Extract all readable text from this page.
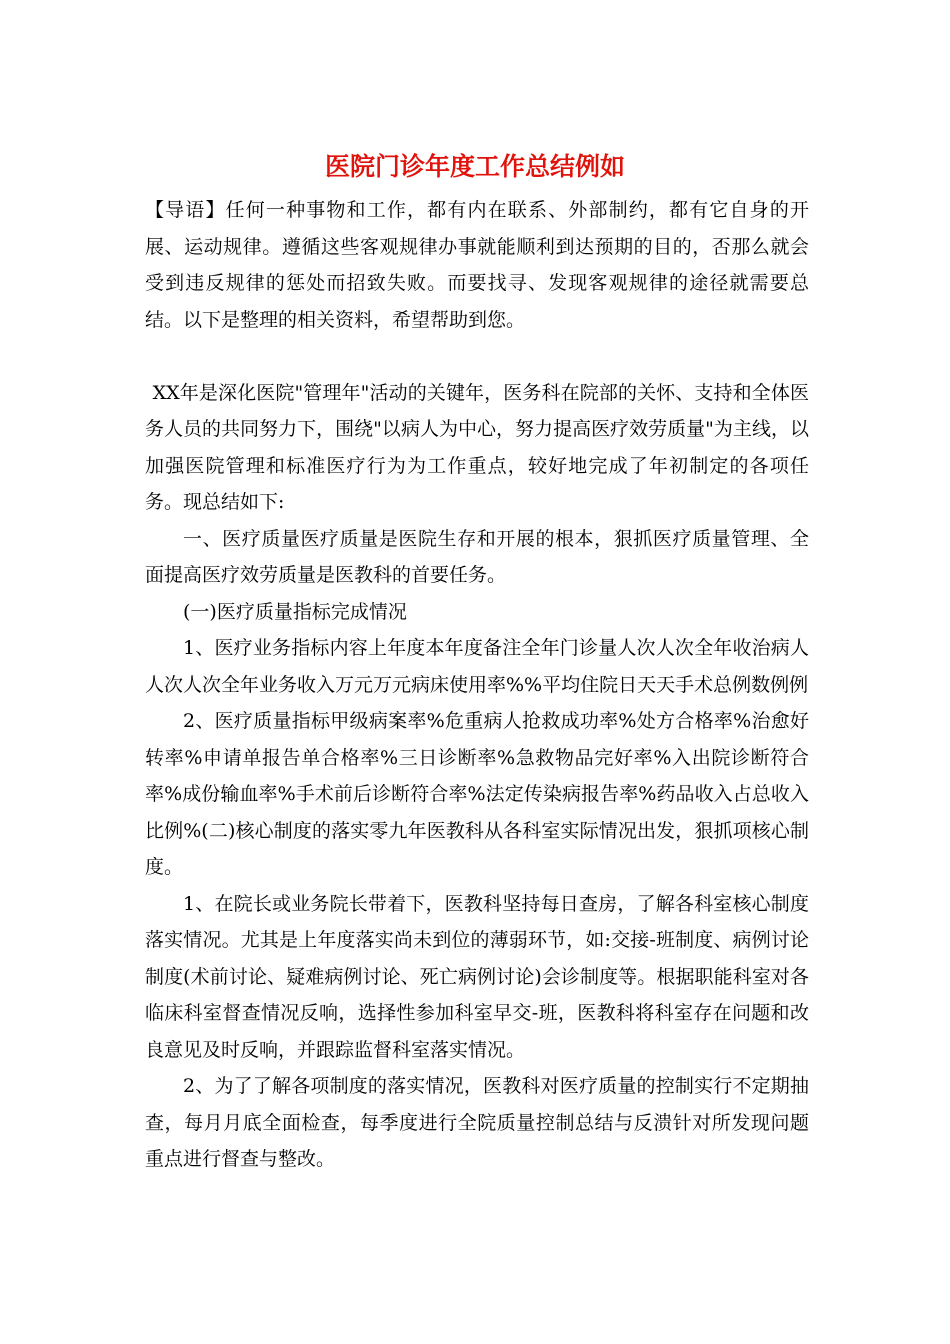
医院门诊年度工作总结例如

【导语】任何一种事物和工作，都有内在联系、外部制约，都有它自身的开展、运动规律。遵循这些客观规律办事就能顺利到达预期的目的，否那么就会受到违反规律的惩处而招致失败。而要找寻、发现客观规律的途径就需要总结。以下是整理的相关资料，希望帮助到您。

XX年是深化医院"管理年"活动的关键年，医务科在院部的关怀、支持和全体医务人员的共同努力下，围绕"以病人为中心，努力提高医疗效劳质量"为主线，以加强医院管理和标准医疗行为为工作重点，较好地完成了年初制定的各项任务。现总结如下:

一、医疗质量医疗质量是医院生存和开展的根本，狠抓医疗质量管理、全面提高医疗效劳质量是医教科的首要任务。

(一)医疗质量指标完成情况

1、医疗业务指标内容上年度本年度备注全年门诊量人次人次全年收治病人人次人次全年业务收入万元万元病床使用率%%平均住院日天天手术总例数例例

2、医疗质量指标甲级病案率%危重病人抢救成功率%处方合格率%治愈好转率%申请单报告单合格率%三日诊断率%急救物品完好率%入出院诊断符合率%成份输血率%手术前后诊断符合率%法定传染病报告率%药品收入占总收入比例%(二)核心制度的落实零九年医教科从各科室实际情况出发，狠抓项核心制度。

1、在院长或业务院长带着下，医教科坚持每日查房，了解各科室核心制度落实情况。尤其是上年度落实尚未到位的薄弱环节，如:交接-班制度、病例讨论制度(术前讨论、疑难病例讨论、死亡病例讨论)会诊制度等。根据职能科室对各临床科室督查情况反响，选择性参加科室早交-班，医教科将科室存在问题和改良意见及时反响，并跟踪监督科室落实情况。

2、为了了解各项制度的落实情况，医教科对医疗质量的控制实行不定期抽查，每月月底全面检查，每季度进行全院质量控制总结与反溃针对所发现问题重点进行督查与整改。
